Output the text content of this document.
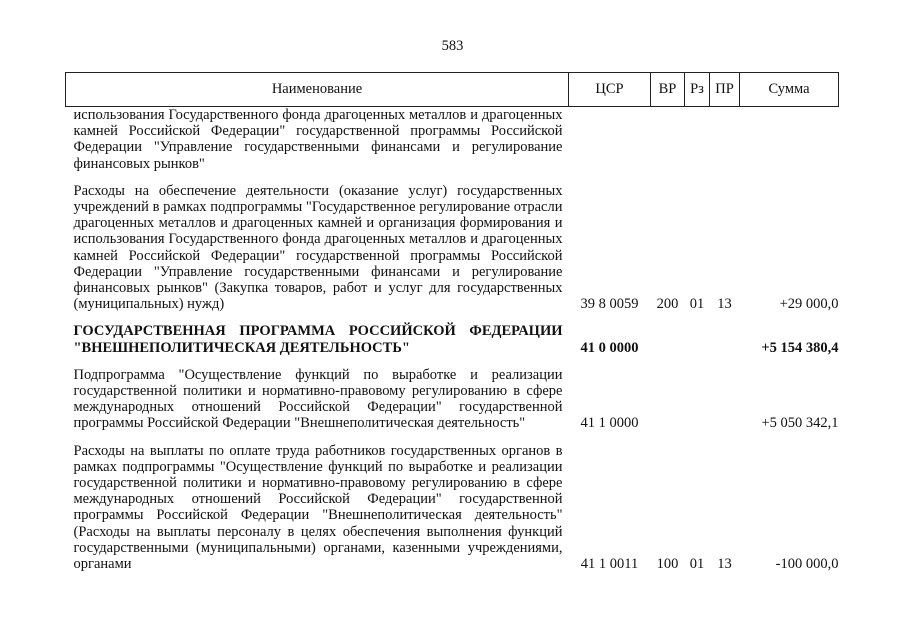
583
Наименование	ЦСР	ВР	Рз	ПР	Сумма
использования Государственного фонда драгоценных металлов и драгоценных камней Российской Федерации" государственной программы Российской Федерации "Управление государственными финансами и регулирование финансовых рынков"					

Расходы на обеспечение деятельности (оказание услуг) государственных учреждений в рамках подпрограммы "Государственное регулирование отрасли драгоценных металлов и драгоценных камней и организация формирования и использования Государственного фонда драгоценных металлов и драгоценных камней Российской Федерации" государственной программы Российской Федерации "Управление государственными финансами и регулирование финансовых рынков" (Закупка товаров, работ и услуг для государственных (муниципальных) нужд)	39 8 0059	200	01	13	+29 000,0

ГОСУДАРСТВЕННАЯ ПРОГРАММА РОССИЙСКОЙ ФЕДЕРАЦИИ "ВНЕШНЕПОЛИТИЧЕСКАЯ ДЕЯТЕЛЬНОСТЬ"	41 0 0000				+5 154 380,4

Подпрограмма "Осуществление функций по выработке и реализации государственной политики и нормативно-правовому регулированию в сфере международных отношений Российской Федерации" государственной программы Российской Федерации "Внешнеполитическая деятельность"	41 1 0000				+5 050 342,1

Расходы на выплаты по оплате труда работников государственных органов в рамках подпрограммы "Осуществление функций по выработке и реализации государственной политики и нормативно-правовому регулированию в сфере международных отношений Российской Федерации" государственной программы Российской Федерации "Внешнеполитическая деятельность" (Расходы на выплаты персоналу в целях обеспечения выполнения функций государственными (муниципальными) органами, казенными учреждениями, органами	41 1 0011	100	01	13	-100 000,0
